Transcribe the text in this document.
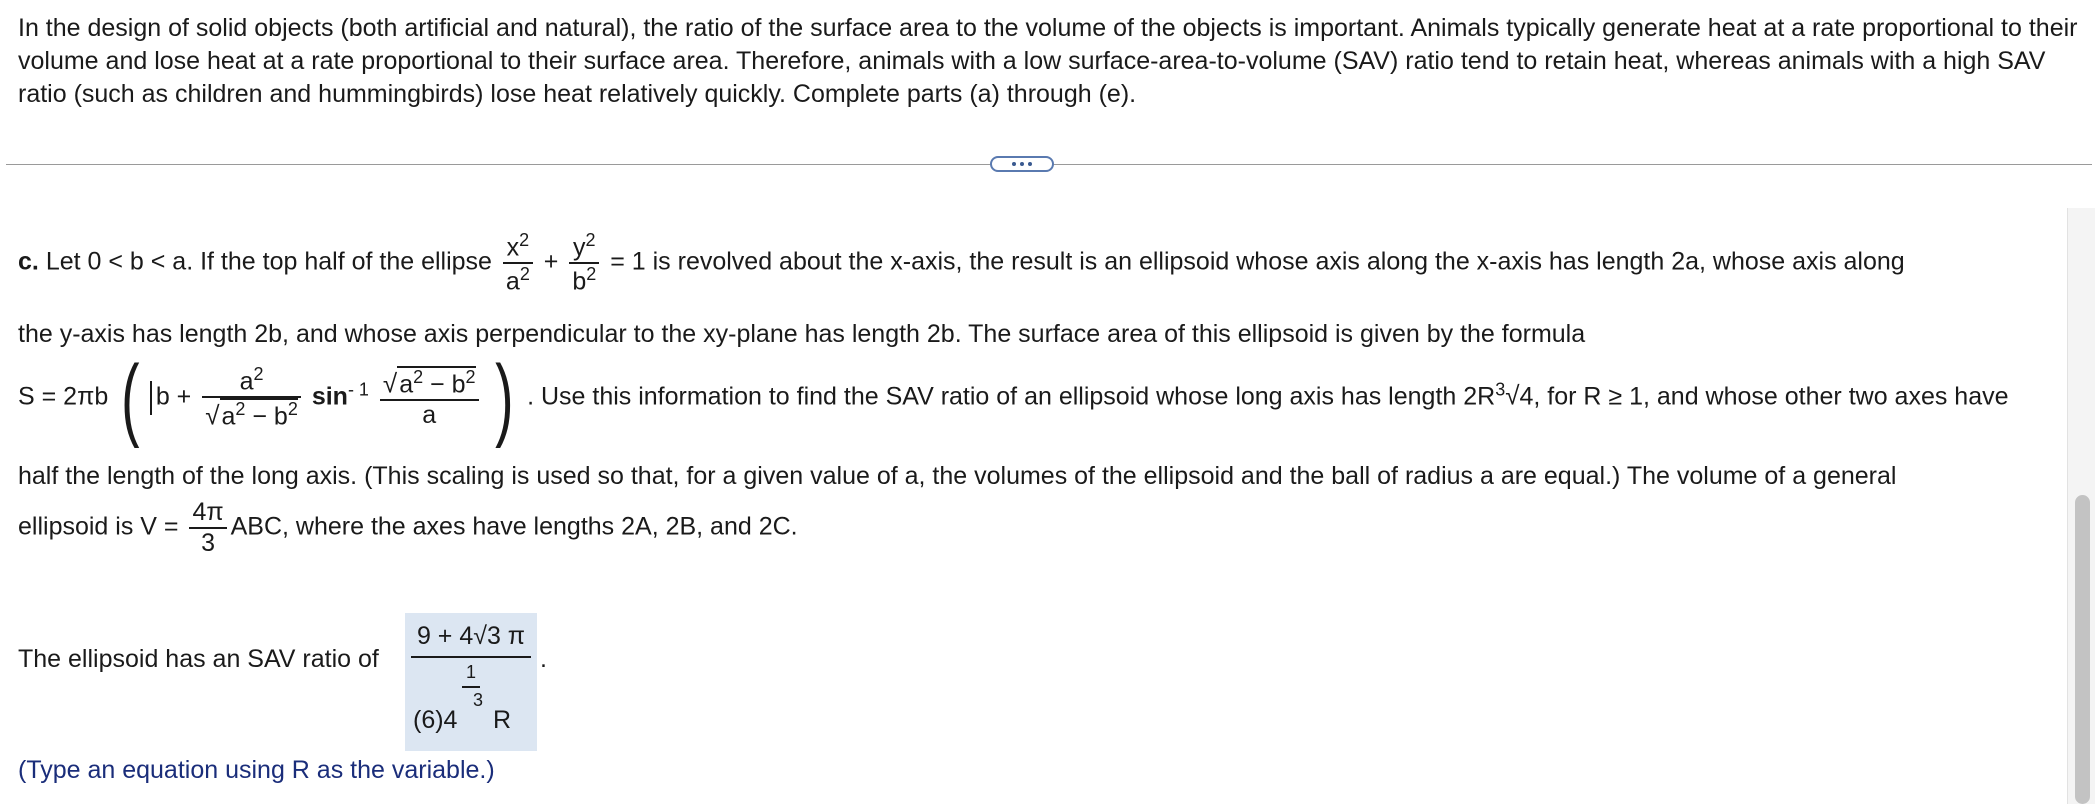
In the design of solid objects (both artificial and natural), the ratio of the surface area to the volume of the objects is important. Animals typically generate heat at a rate proportional to their volume and lose heat at a rate proportional to their surface area. Therefore, animals with a low surface-area-to-volume (SAV) ratio tend to retain heat, whereas animals with a high SAV ratio (such as children and hummingbirds) lose heat relatively quickly. Complete parts (a) through (e).
c. Let 0 < b < a. If the top half of the ellipse $\frac{x^2}{a^2} + \frac{y^2}{b^2} = 1$ is revolved about the x-axis, the result is an ellipsoid whose axis along the x-axis has length 2a, whose axis along
the y-axis has length 2b, and whose axis perpendicular to the xy-plane has length 2b. The surface area of this ellipsoid is given by the formula
S = 2πb ( $b + \frac{a^2}{√a^2 - b^2} \sin^{- 1} \frac{√a^2 - b^2}{a}$ ) . Use this information to find the SAV ratio of an ellipsoid whose long axis has length $2R^3√4$, for R ≥ 1, and whose other two axes have
half the length of the long axis. (This scaling is used so that, for a given value of a, the volumes of the ellipsoid and the ball of radius a are equal.) The volume of a general
ellipsoid is $V = \frac{4\pi}{3}$ ABC, where the axes have lengths 2A, 2B, and 2C.
The ellipsoid has an SAV ratio of	.
9 + 4√3 π
1
3
(6)4 R
(Type an equation using R as the variable.)
